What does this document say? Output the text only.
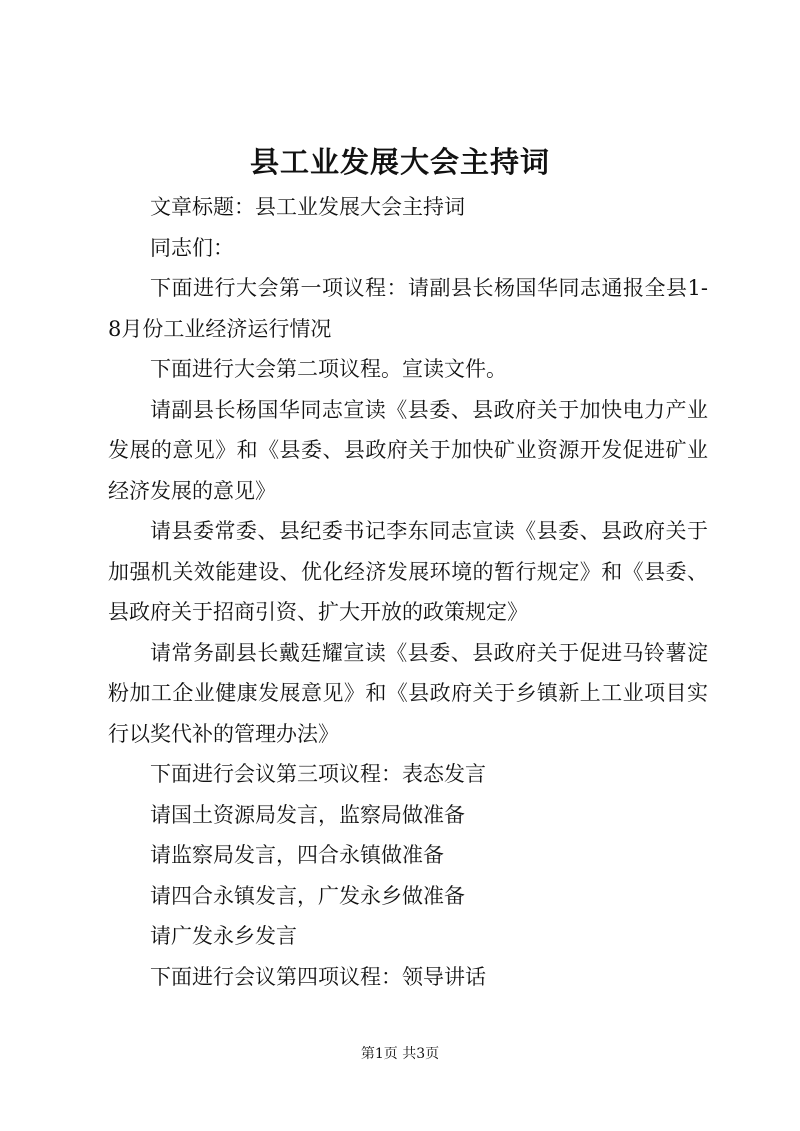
县工业发展大会主持词

文章标题：县工业发展大会主持词

同志们：

下面进行大会第一项议程：请副县长杨国华同志通报全县1-8月份工业经济运行情况

下面进行大会第二项议程。宣读文件。

请副县长杨国华同志宣读《县委、县政府关于加快电力产业发展的意见》和《县委、县政府关于加快矿业资源开发促进矿业经济发展的意见》

请县委常委、县纪委书记李东同志宣读《县委、县政府关于加强机关效能建设、优化经济发展环境的暂行规定》和《县委、县政府关于招商引资、扩大开放的政策规定》

请常务副县长戴廷耀宣读《县委、县政府关于促进马铃薯淀粉加工企业健康发展意见》和《县政府关于乡镇新上工业项目实行以奖代补的管理办法》

下面进行会议第三项议程：表态发言

请国土资源局发言，监察局做准备

请监察局发言，四合永镇做准备

请四合永镇发言，广发永乡做准备

请广发永乡发言

下面进行会议第四项议程：领导讲话

第1页 共3页
